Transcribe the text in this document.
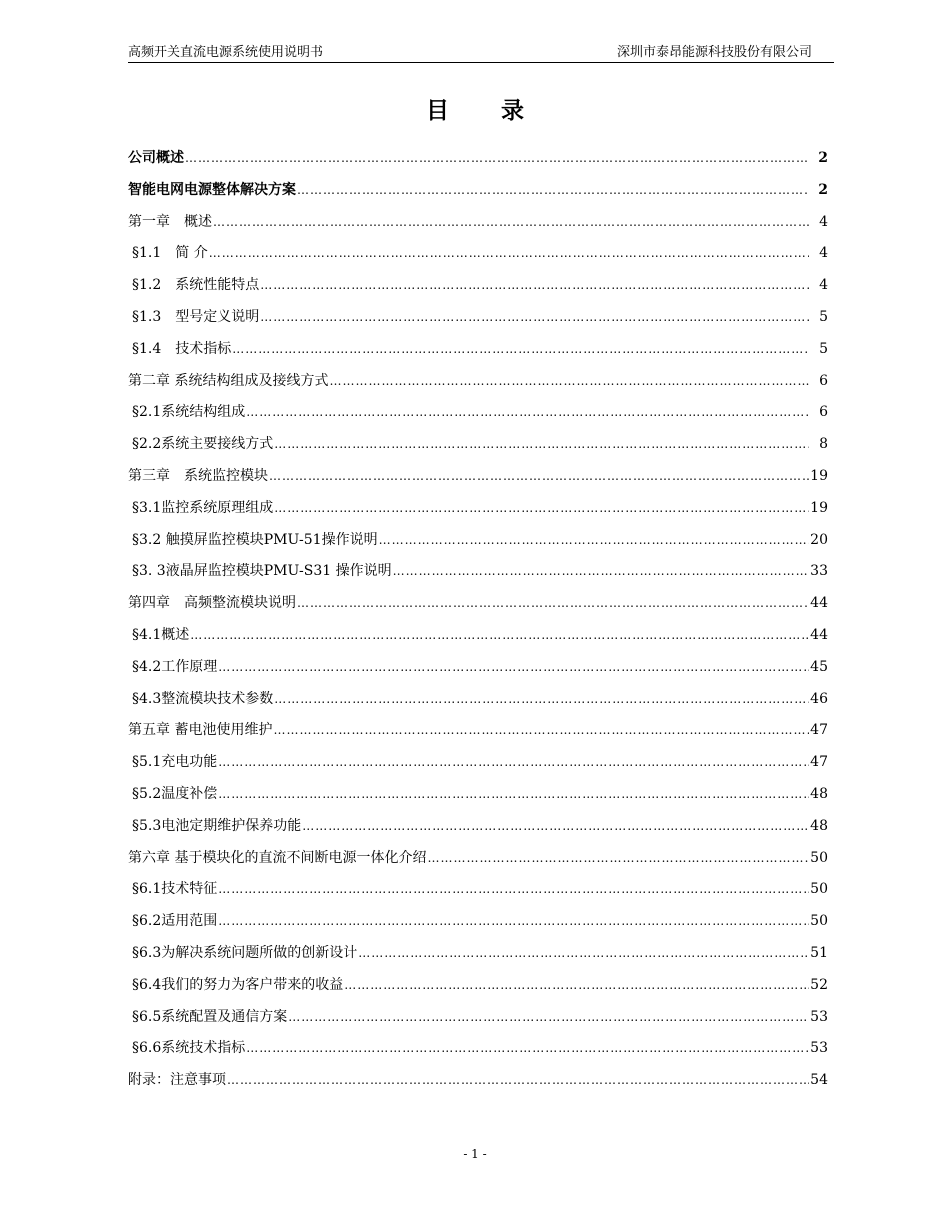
高频开关直流电源系统使用说明书	深圳市泰昂能源科技股份有限公司
目 录
公司概述 …………………………………………………………………………………………………………………………………………………………………………………………	2
智能电网电源整体解决方案 …………………………………………………………………………………………………………………………………………………………………………………………	2
第一章　概述 …………………………………………………………………………………………………………………………………………………………………………………………	4
§1.1　简 介 …………………………………………………………………………………………………………………………………………………………………………………………	4
§1.2　系统性能特点 …………………………………………………………………………………………………………………………………………………………………………………………	4
§1.3　型号定义说明 …………………………………………………………………………………………………………………………………………………………………………………………	5
§1.4　技术指标 …………………………………………………………………………………………………………………………………………………………………………………………	5
第二章 系统结构组成及接线方式 …………………………………………………………………………………………………………………………………………………………………………………………	6
§2.1系统结构组成 …………………………………………………………………………………………………………………………………………………………………………………………	6
§2.2系统主要接线方式 …………………………………………………………………………………………………………………………………………………………………………………………	8
第三章　系统监控模块 …………………………………………………………………………………………………………………………………………………………………………………………	19
§3.1监控系统原理组成 …………………………………………………………………………………………………………………………………………………………………………………………	19
§3.2 触摸屏监控模块PMU-51操作说明 …………………………………………………………………………………………………………………………………………………………………………………………	20
§3. 3液晶屏监控模块PMU-S31 操作说明 …………………………………………………………………………………………………………………………………………………………………………………………	33
第四章　高频整流模块说明 …………………………………………………………………………………………………………………………………………………………………………………………	44
§4.1概述 …………………………………………………………………………………………………………………………………………………………………………………………	44
§4.2工作原理 …………………………………………………………………………………………………………………………………………………………………………………………	45
§4.3整流模块技术参数 …………………………………………………………………………………………………………………………………………………………………………………………	46
第五章 蓄电池使用维护 …………………………………………………………………………………………………………………………………………………………………………………………	47
§5.1充电功能 …………………………………………………………………………………………………………………………………………………………………………………………	47
§5.2温度补偿 …………………………………………………………………………………………………………………………………………………………………………………………	48
§5.3电池定期维护保养功能 …………………………………………………………………………………………………………………………………………………………………………………………	48
第六章 基于模块化的直流不间断电源一体化介绍 …………………………………………………………………………………………………………………………………………………………………………………………	50
§6.1技术特征 …………………………………………………………………………………………………………………………………………………………………………………………	50
§6.2适用范围 …………………………………………………………………………………………………………………………………………………………………………………………	50
§6.3为解决系统问题所做的创新设计 …………………………………………………………………………………………………………………………………………………………………………………………	51
§6.4我们的努力为客户带来的收益 …………………………………………………………………………………………………………………………………………………………………………………………	52
§6.5系统配置及通信方案 …………………………………………………………………………………………………………………………………………………………………………………………	53
§6.6系统技术指标 …………………………………………………………………………………………………………………………………………………………………………………………	53
附录：注意事项 …………………………………………………………………………………………………………………………………………………………………………………………	54
- 1 -
